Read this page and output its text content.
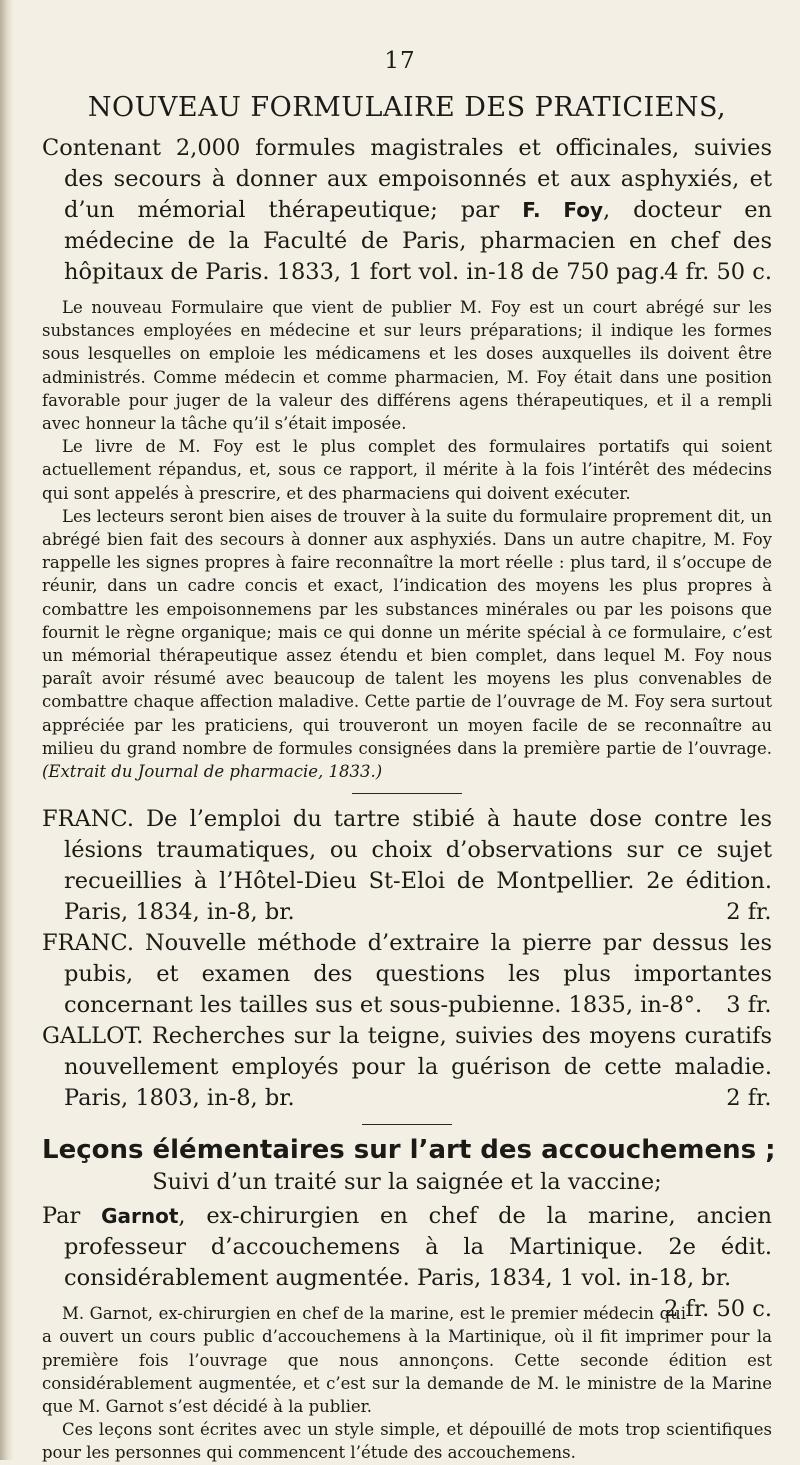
17
NOUVEAU FORMULAIRE DES PRATICIENS,

Contenant 2,000 formules magistrales et officinales, suivies des secours à donner aux empoisonnés et aux asphyxiés, et d’un mémorial thérapeutique; par F. Foy, docteur en médecine de la Faculté de Paris, pharmacien en chef des hôpitaux de Paris. 1833, 1 fort vol. in-18 de 750 pag.
4 fr. 50 c.

Le nouveau Formulaire que vient de publier M. Foy est un court abrégé sur les substances employées en médecine et sur leurs préparations; il indique les formes sous lesquelles on emploie les médicamens et les doses auxquelles ils doivent être administrés. Comme médecin et comme pharmacien, M. Foy était dans une position favorable pour juger de la valeur des différens agens thérapeutiques, et il a rempli avec honneur la tâche qu’il s’était imposée.

Le livre de M. Foy est le plus complet des formulaires portatifs qui soient actuellement répandus, et, sous ce rapport, il mérite à la fois l’intérêt des médecins qui sont appelés à prescrire, et des pharmaciens qui doivent exécuter.

Les lecteurs seront bien aises de trouver à la suite du formulaire proprement dit, un abrégé bien fait des secours à donner aux asphyxiés. Dans un autre chapitre, M. Foy rappelle les signes propres à faire reconnaître la mort réelle : plus tard, il s’occupe de réunir, dans un cadre concis et exact, l’indication des moyens les plus propres à combattre les empoisonnemens par les substances minérales ou par les poisons que fournit le règne organique; mais ce qui donne un mérite spécial à ce formulaire, c’est un mémorial thérapeutique assez étendu et bien complet, dans lequel M. Foy nous paraît avoir résumé avec beaucoup de talent les moyens les plus convenables de combattre chaque affection maladive. Cette partie de l’ouvrage de M. Foy sera surtout appréciée par les praticiens, qui trouveront un moyen facile de se reconnaître au milieu du grand nombre de formules consignées dans la première partie de l’ouvrage. (Extrait du Journal de pharmacie, 1833.)

FRANC. De l’emploi du tartre stibié à haute dose contre les lésions traumatiques, ou choix d’observations sur ce sujet recueillies à l’Hôtel-Dieu St-Eloi de Montpellier. 2e édition. Paris, 1834, in-8, br.	2 fr.

FRANC. Nouvelle méthode d’extraire la pierre par dessus les pubis, et examen des questions les plus importantes concernant les tailles sus et sous-pubienne. 1835, in-8°. 3 fr.

GALLOT. Recherches sur la teigne, suivies des moyens curatifs nouvellement employés pour la guérison de cette maladie. Paris, 1803, in-8, br.	2 fr.

Leçons élémentaires sur l’art des accouchemens ;
Suivi d’un traité sur la saignée et la vaccine;

Par Garnot, ex-chirurgien en chef de la marine, ancien professeur d’accouchemens à la Martinique. 2e édit. considérablement augmentée. Paris, 1834, 1 vol. in-18, br.
2 fr. 50 c.

M. Garnot, ex-chirurgien en chef de la marine, est le premier médecin qui a ouvert un cours public d’accouchemens à la Martinique, où il fit imprimer pour la première fois l’ouvrage que nous annonçons. Cette seconde édition est considérablement augmentée, et c’est sur la demande de M. le ministre de la Marine que M. Garnot s’est décidé à la publier.

Ces leçons sont écrites avec un style simple, et dépouillé de mots trop scientifiques pour les personnes qui commencent l’étude des accouchemens.
